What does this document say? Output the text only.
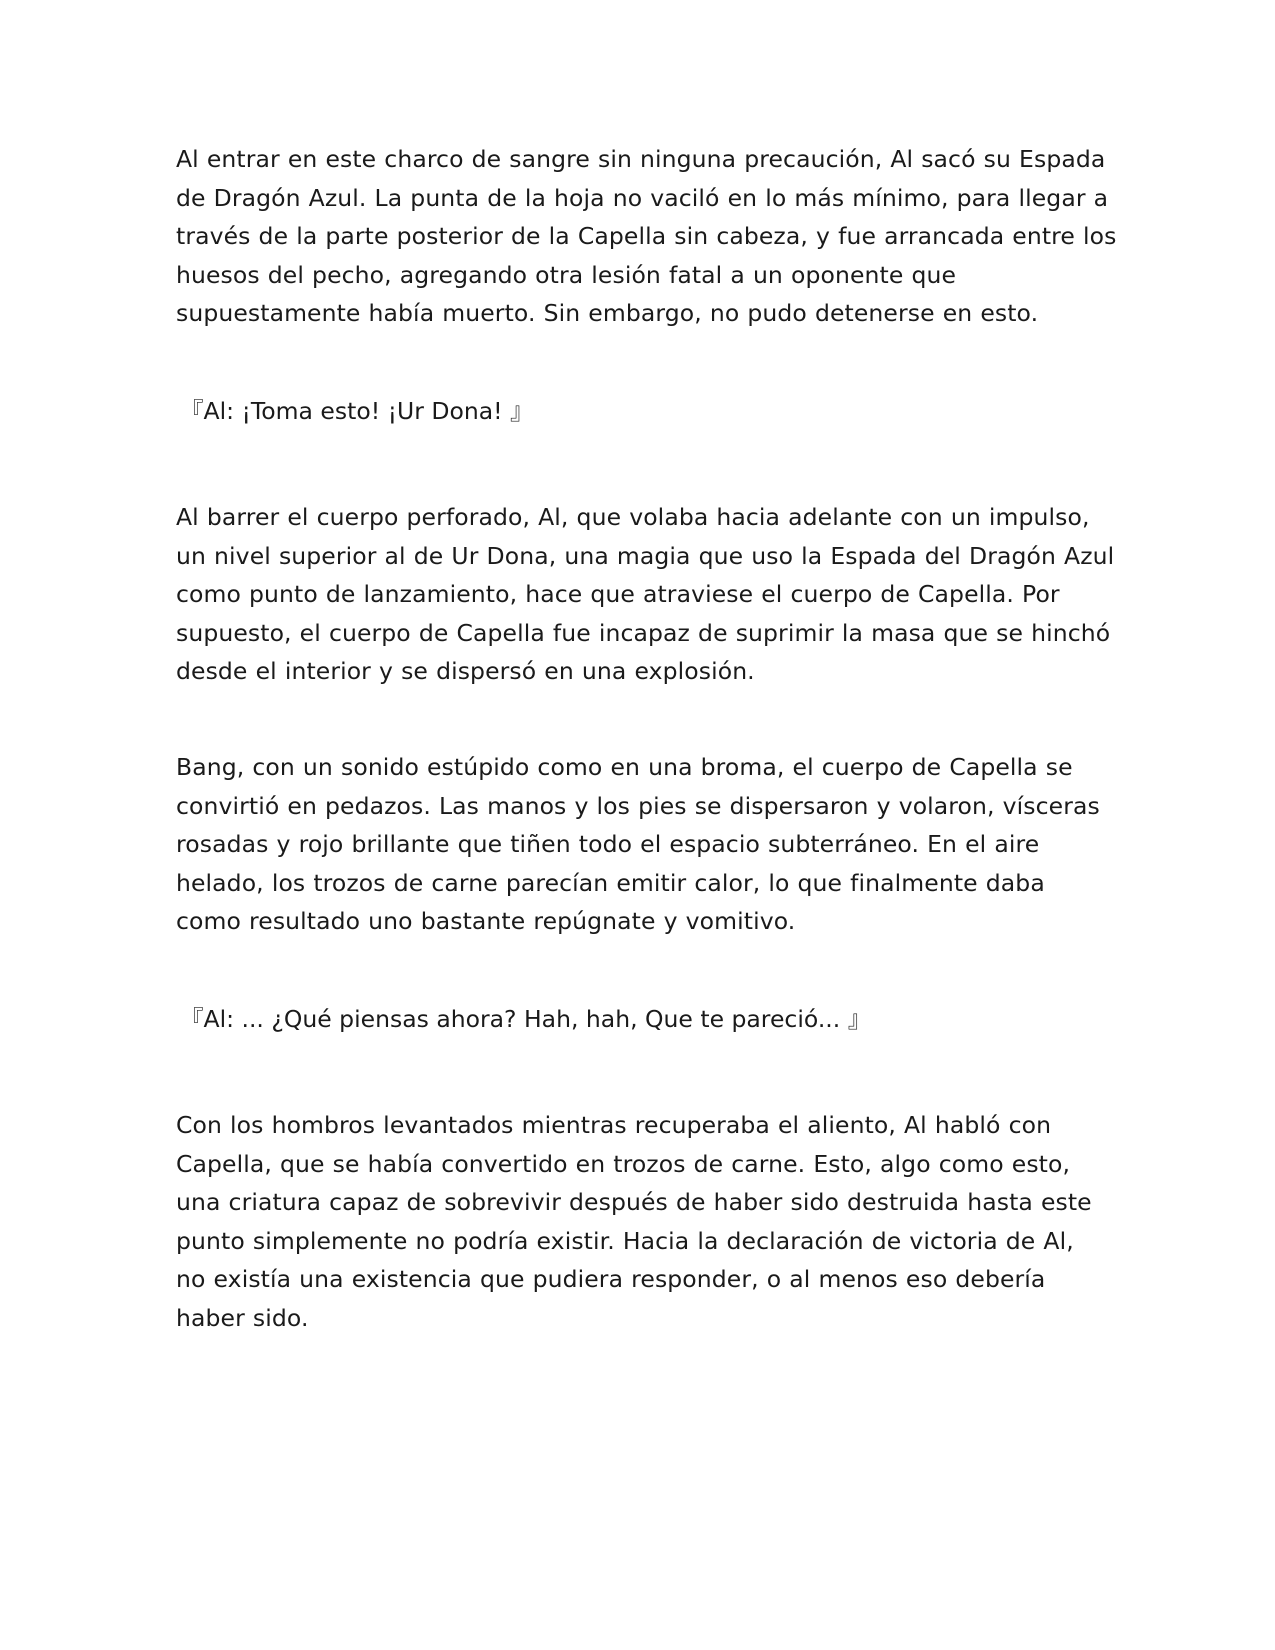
Al entrar en este charco de sangre sin ninguna precaución, Al sacó su Espada
de Dragón Azul. La punta de la hoja no vaciló en lo más mínimo, para llegar a
través de la parte posterior de la Capella sin cabeza, y fue arrancada entre los
huesos del pecho, agregando otra lesión fatal a un oponente que
supuestamente había muerto. Sin embargo, no pudo detenerse en esto.

『Al: ¡Toma esto! ¡Ur Dona! 』

Al barrer el cuerpo perforado, Al, que volaba hacia adelante con un impulso,
un nivel superior al de Ur Dona, una magia que uso la Espada del Dragón Azul
como punto de lanzamiento, hace que atraviese el cuerpo de Capella. Por
supuesto, el cuerpo de Capella fue incapaz de suprimir la masa que se hinchó
desde el interior y se dispersó en una explosión.

Bang, con un sonido estúpido como en una broma, el cuerpo de Capella se
convirtió en pedazos. Las manos y los pies se dispersaron y volaron, vísceras
rosadas y rojo brillante que tiñen todo el espacio subterráneo. En el aire
helado, los trozos de carne parecían emitir calor, lo que finalmente daba
como resultado uno bastante repúgnate y vomitivo.

『Al: ... ¿Qué piensas ahora? Hah, hah, Que te pareció... 』

Con los hombros levantados mientras recuperaba el aliento, Al habló con
Capella, que se había convertido en trozos de carne. Esto, algo como esto,
una criatura capaz de sobrevivir después de haber sido destruida hasta este
punto simplemente no podría existir. Hacia la declaración de victoria de Al,
no existía una existencia que pudiera responder, o al menos eso debería
haber sido.
